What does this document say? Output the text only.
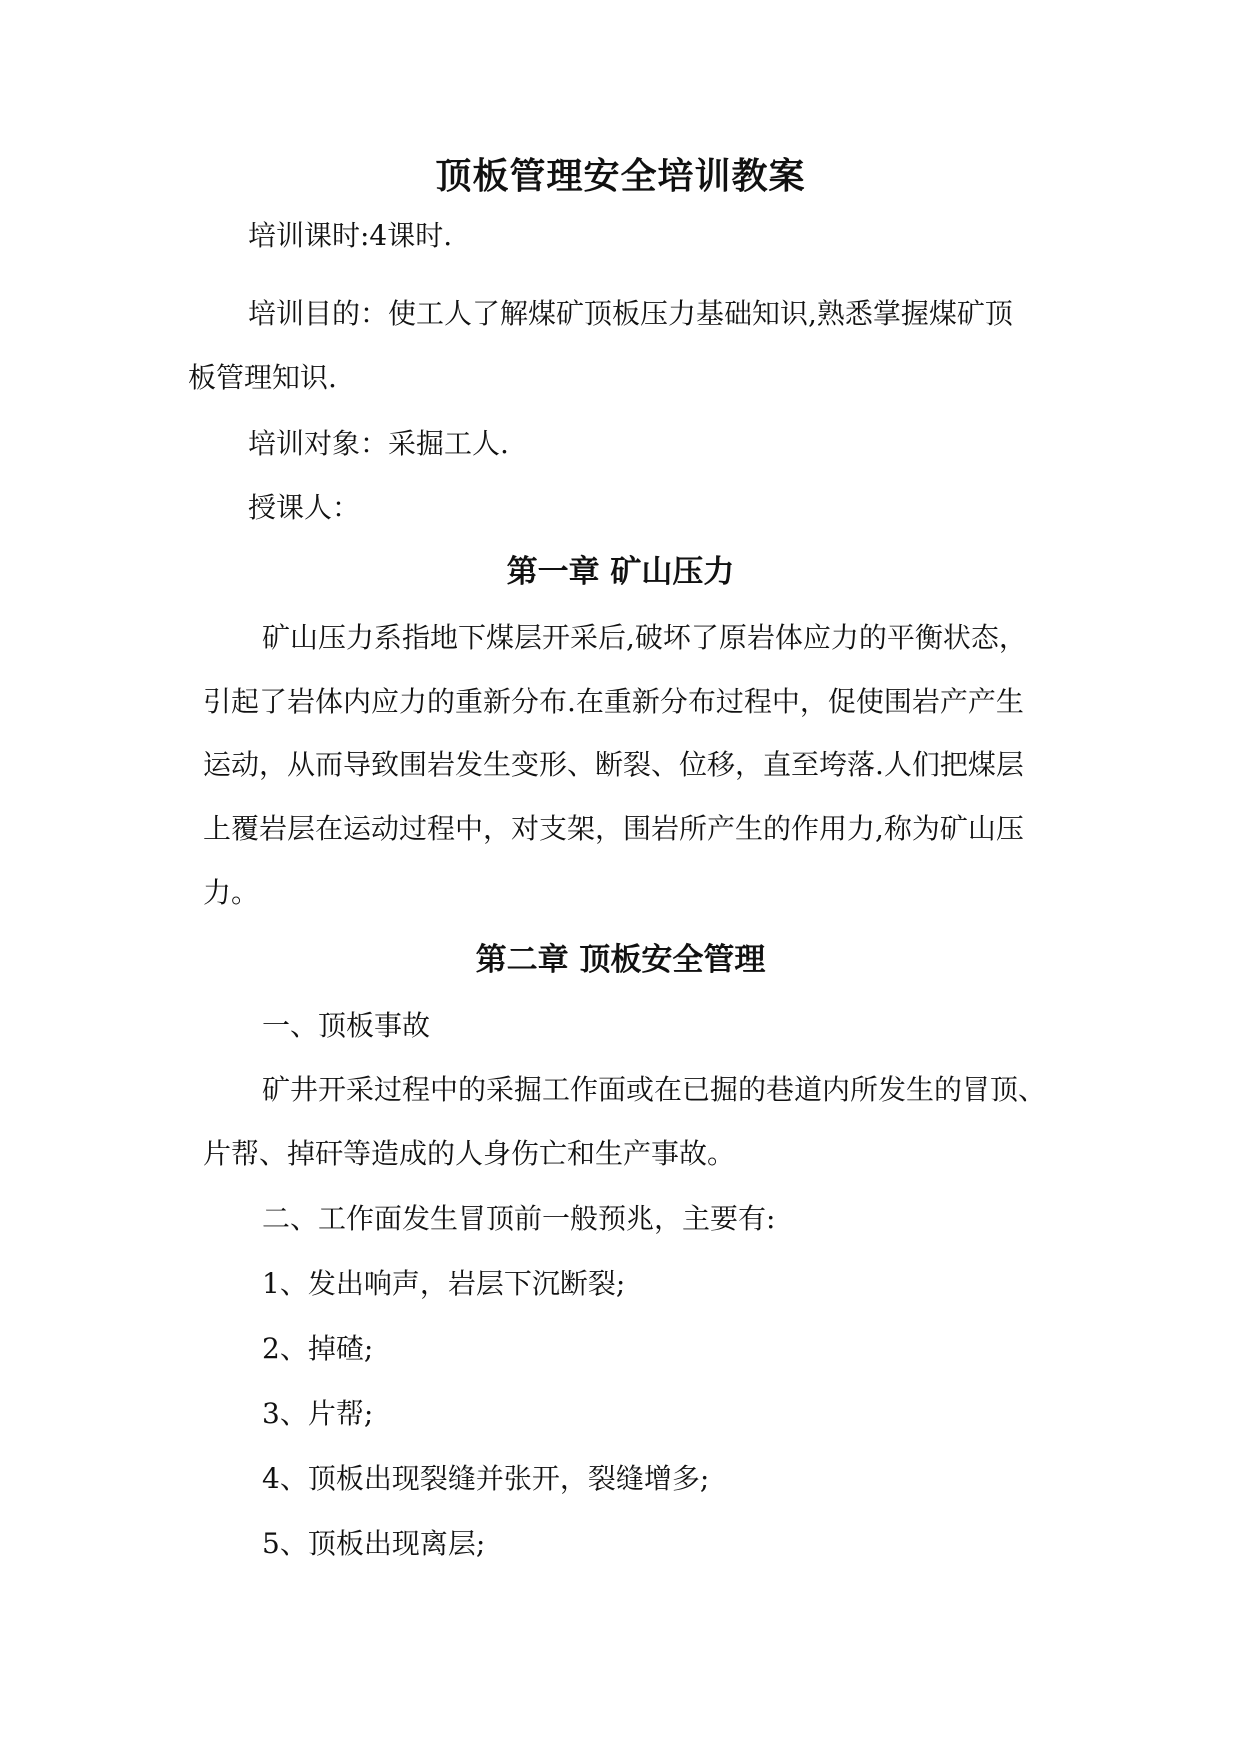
顶板管理安全培训教案
培训课时:4课时.
培训目的：使工人了解煤矿顶板压力基础知识,熟悉掌握煤矿顶
板管理知识.
培训对象：采掘工人.
授课人：
第一章 矿山压力
矿山压力系指地下煤层开采后,破坏了原岩体应力的平衡状态，
引起了岩体内应力的重新分布.在重新分布过程中，促使围岩产产生
运动，从而导致围岩发生变形、断裂、位移，直至垮落.人们把煤层
上覆岩层在运动过程中，对支架，围岩所产生的作用力,称为矿山压
力。
第二章 顶板安全管理
一、顶板事故
矿井开采过程中的采掘工作面或在已掘的巷道内所发生的冒顶、
片帮、掉矸等造成的人身伤亡和生产事故。
二、工作面发生冒顶前一般预兆，主要有:
1、发出响声，岩层下沉断裂;
2、掉碴;
3、片帮;
4、顶板出现裂缝并张开，裂缝增多;
5、顶板出现离层;
